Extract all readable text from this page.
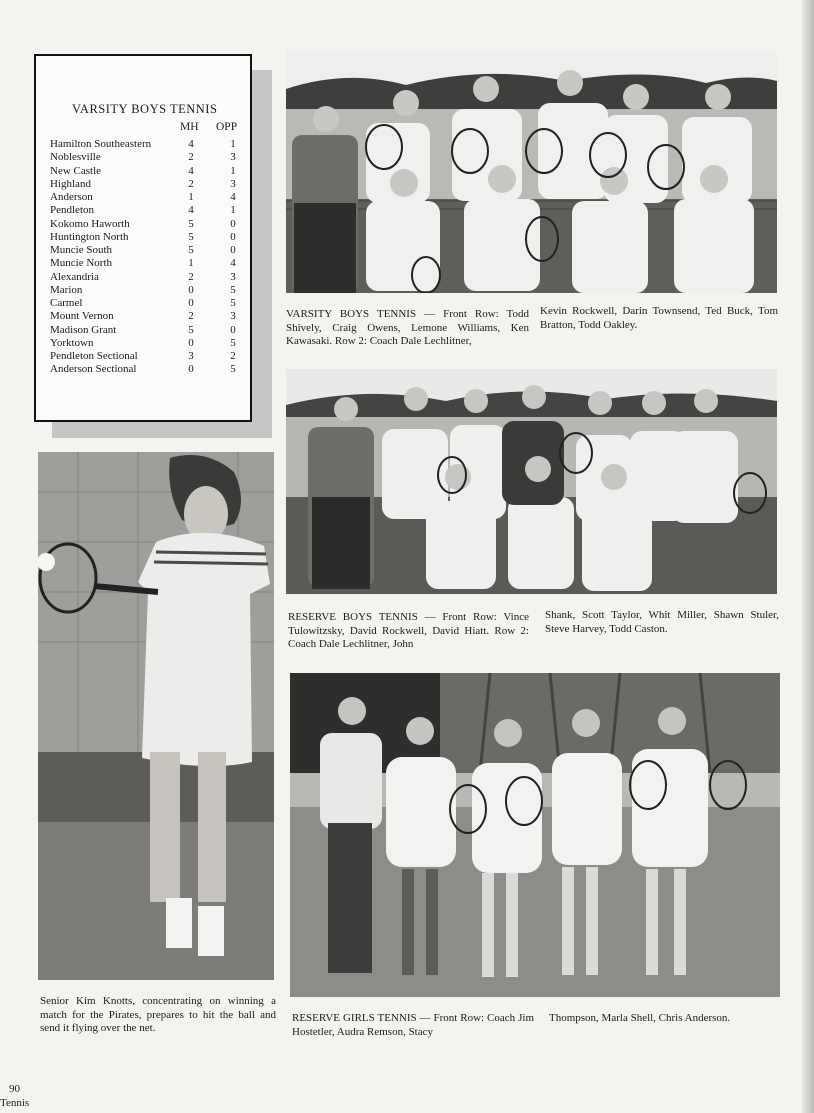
VARSITY BOYS TENNIS
MH OPP
Hamilton Southeastern	4	1
Noblesville	2	3
New Castle	4	1
Highland	2	3
Anderson	1	4
Pendleton	4	1
Kokomo Haworth	5	0
Huntington North	5	0
Muncie South	5	0
Muncie North	1	4
Alexandria	2	3
Marion	0	5
Carmel	0	5
Mount Vernon	2	3
Madison Grant	5	0
Yorktown	0	5
Pendleton Sectional	3	2
Anderson Sectional	0	5
VARSITY BOYS TENNIS — Front Row: Todd Shively, Craig Owens, Lemone Williams, Ken Kawasaki. Row 2: Coach Dale Lechlitner,
Kevin Rockwell, Darin Townsend, Ted Buck, Tom Bratton, Todd Oakley.
RESERVE BOYS TENNIS — Front Row: Vince Tulowitzsky, David Rockwell, David Hiatt. Row 2: Coach Dale Lechlitner, John
Shank, Scott Taylor, Whit Miller, Shawn Stuler, Steve Harvey, Todd Caston.
RESERVE GIRLS TENNIS — Front Row: Coach Jim Hostetler, Audra Remson, Stacy
Thompson, Marla Shell, Chris Anderson.
Senior Kim Knotts, concentrating on winning a match for the Pirates, prepares to hit the ball and send it flying over the net.
90
Tennis
